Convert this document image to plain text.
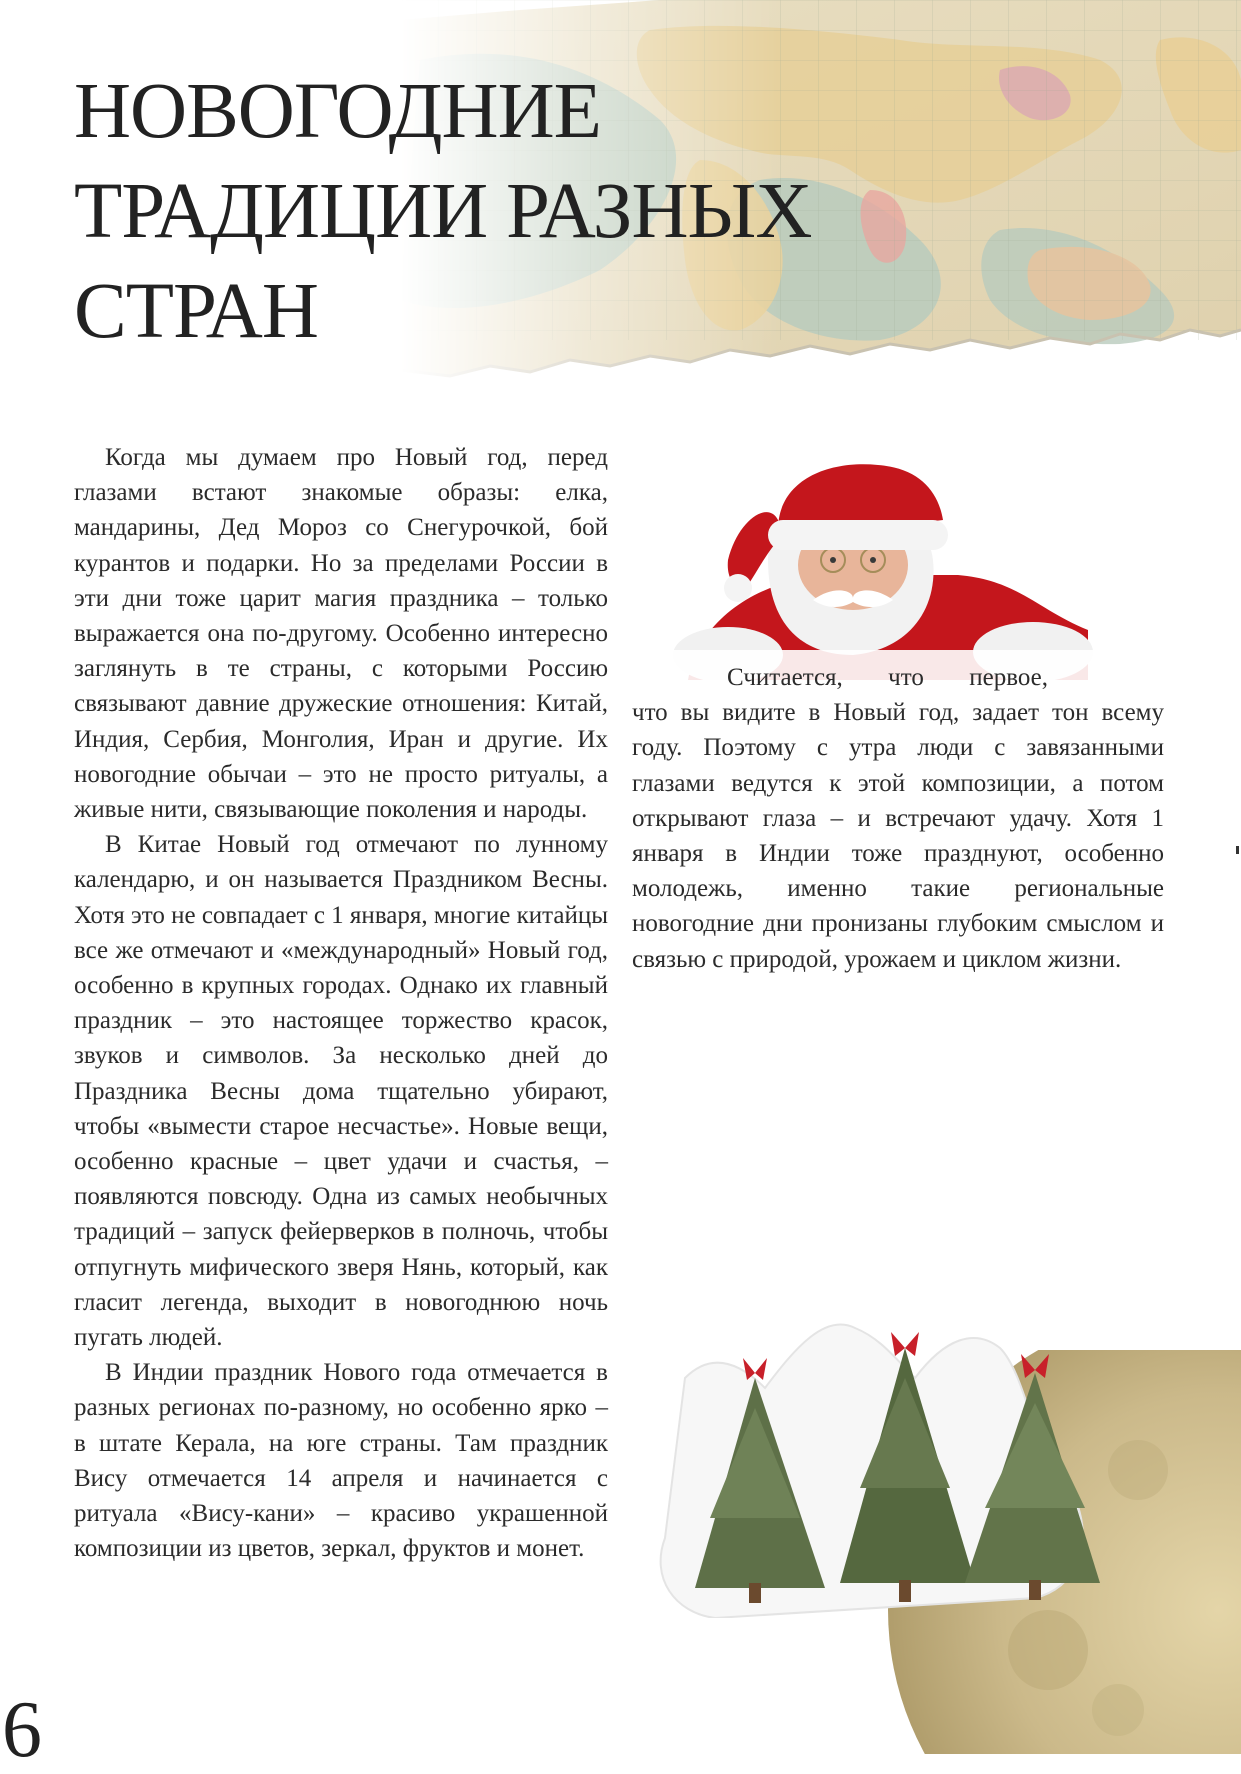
НОВОГОДНИЕ
ТРАДИЦИИ РАЗНЫХ
СТРАН

Когда мы думаем про Новый год, перед глазами встают знакомые образы: елка, мандарины, Дед Мороз со Снегурочкой, бой курантов и подарки. Но за пределами России в эти дни тоже царит магия праздника – только выражается она по-другому. Особенно интересно заглянуть в те страны, с которыми Россию связывают давние дружеские отношения: Китай, Индия, Сербия, Монголия, Иран и другие. Их новогодние обычаи – это не просто ритуалы, а живые нити, связывающие поколения и народы.

В Китае Новый год отмечают по лунному календарю, и он называется Праздником Весны. Хотя это не совпадает с 1 января, многие китайцы все же отмечают и «международный» Новый год, особенно в крупных городах. Однако их главный праздник – это настоящее торжество красок, звуков и символов. За несколько дней до Праздника Весны дома тщательно убирают, чтобы «вымести старое несчастье». Новые вещи, особенно красные – цвет удачи и счастья, – появляются повсюду. Одна из самых необычных традиций – запуск фейерверков в полночь, чтобы отпугнуть мифического зверя Нянь, который, как гласит легенда, выходит в новогоднюю ночь пугать людей.

В Индии праздник Нового года отмечается в разных регионах по-разному, но особенно ярко – в штате Керала, на юге страны. Там праздник Вису отмечается 14 апреля и начинается с ритуала «Вису-кани» – красиво украшенной композиции из цветов, зеркал, фруктов и монет.

Считается, что первое,

что вы видите в Новый год, задает тон всему году. Поэтому с утра люди с завязанными глазами ведутся к этой композиции, а потом открывают глаза – и встречают удачу. Хотя 1 января в Индии тоже празднуют, особенно молодежь, именно такие региональные новогодние дни пронизаны глубоким смыслом и связью с природой, урожаем и циклом жизни.

6
